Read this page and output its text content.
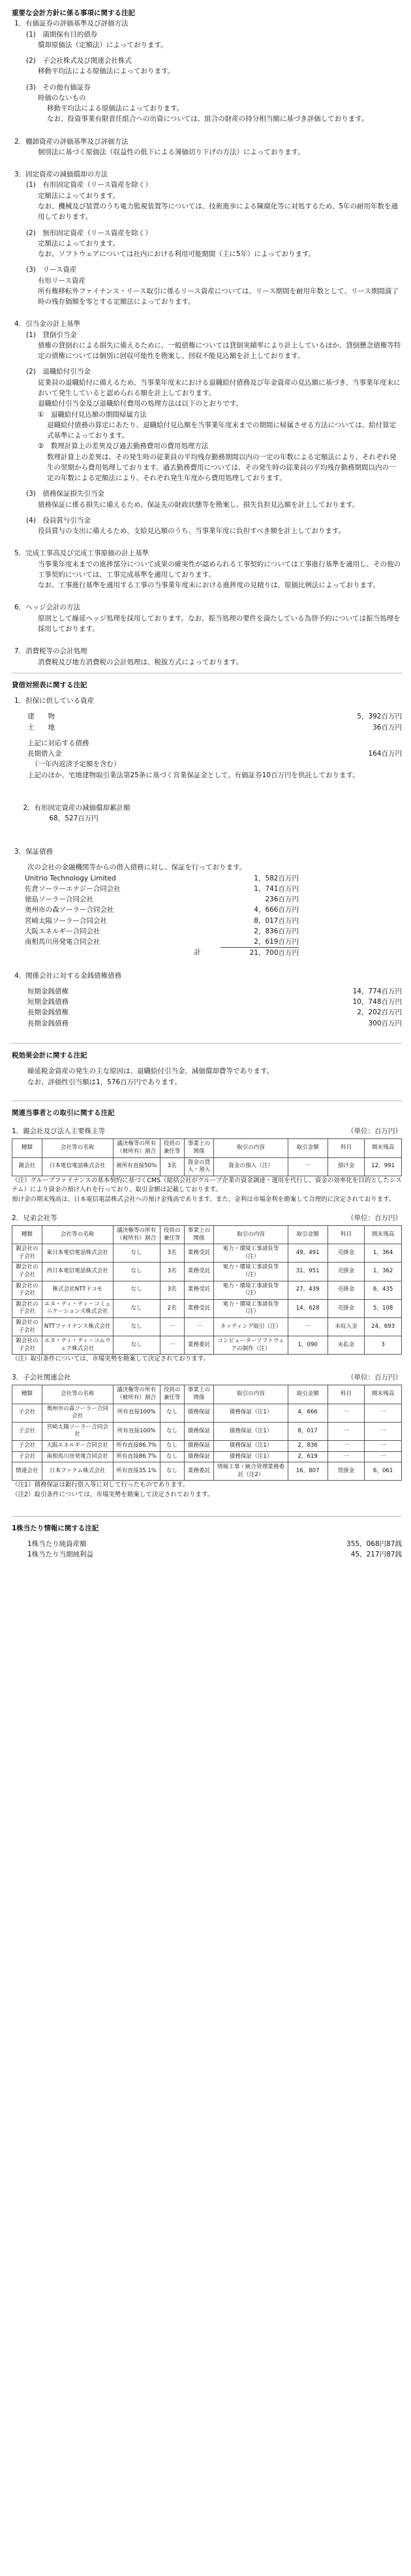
重要な会計方針に係る事項に関する注記

1．有価証券の評価基準及び評価方法

(1)　満期保有目的債券

償却原価法（定額法）によっております。

(2)　子会社株式及び関連会社株式

移動平均法による原価法によっております。

(3)　その他有価証券

時価のないもの

移動平均法による原価法によっております。

なお、投資事業有限責任組合への出資については、組合の財産の持分相当額に基づき評価しております。

2．棚卸資産の評価基準及び評価方法

個別法に基づく原価法（収益性の低下による簿価切り下げの方法）によっております。

3．固定資産の減価償却の方法

(1)　有形固定資産（リース資産を除く）

定額法によっております。

なお、機械及び装置のうち電力監視装置等については、技術進歩による陳腐化等に対処するため、5年の耐用年数を適用しております。

(2)　無形固定資産（リース資産を除く）

定額法によっております。

なお、ソフトウェアについては社内における利用可能期間（主に5年）によっております。

(3)　リース資産

有形リース資産

所有権移転外ファイナンス・リース取引に係るリース資産については、リース期間を耐用年数として、リース期間満了時の残存価額を零とする定額法によっております。

4．引当金の計上基準

(1)　貸倒引当金

債権の貸倒れによる損失に備えるために、一般債権については貸倒実績率により計上しているほか、貸倒懸念債権等特定の債権については個別に回収可能性を勘案し、回収不能見込額を計上しております。

(2)　退職給付引当金

従業員の退職給付に備えるため、当事業年度末における退職給付債務及び年金資産の見込額に基づき、当事業年度末において発生していると認められる額を計上しております。

退職給付引当金及び退職給付費用の処理方法は以下のとおりです。

①　退職給付見込額の期間帰属方法

退職給付債務の算定にあたり、退職給付見込額を当事業年度末までの期間に帰属させる方法については、給付算定式基準によっております。

②　数理計算上の差異及び過去勤務費用の費用処理方法

数理計算上の差異は、その発生時の従業員の平均残存勤務期間以内の一定の年数による定額法により、それぞれ発生の翌期から費用処理しております。過去勤務費用については、その発生時の従業員の平均残存勤務期間以内の一定の年数による定額法により、それぞれ発生年度から費用処理しております。

(3)　債務保証損失引当金

債務保証に係る損失に備えるため、保証先の財政状態等を勘案し、損失負担見込額を計上しております。

(4)　役員賞与引当金

役員賞与の支出に備えるため、支給見込額のうち、当事業年度に負担すべき額を計上しております。

5．完成工事高及び完成工事原価の計上基準

当事業年度末までの進捗部分について成果の確実性が認められる工事契約については工事進行基準を適用し、その他の工事契約については、工事完成基準を適用しております。

なお、工事進行基準を適用する工事の当事業年度末における進捗度の見積りは、原価比例法によっております。

6．ヘッジ会計の方法

原則として繰延ヘッジ処理を採用しております。なお、振当処理の要件を満たしている為替予約については振当処理を採用しております。

7．消費税等の会計処理

消費税及び地方消費税の会計処理は、税抜方式によっております。

貸借対照表に関する注記

1．担保に供している資産

建　　物	5，392百万円
土　　地	36百万円

上記に対応する債務

長期借入金	164百万円

（一年内返済予定額を含む）

上記のほか、宅地建物取引業法第25条に基づく営業保証金として、有価証券10百万円を供託しております。

2．有形固定資産の減価償却累計額
68，527百万円

3．保証債務

次の会社の金融機関等からの借入債務に対し、保証を行っております。

Unitrio Technology Limited	1，582百万円
佐倉ソーラーエナジー合同会社	1，741百万円
徳島ソーラー合同会社	236百万円
奥州市の森ソーラー合同会社	4，666百万円
宮崎太陽ソーラー合同会社	8，017百万円
大阪エネルギー合同会社	2，836百万円
南相馬川房発電合同会社	2，619百万円
計	21，700百万円

4．関係会社に対する金銭債権債務

短期金銭債権	14，774百万円
短期金銭債務	10，748百万円
長期金銭債権	2，202百万円
長期金銭債務	300百万円

税効果会計に関する注記

繰延税金資産の発生の主な原因は、退職給付引当金、減価償却費等であります。

なお、評価性引当額は1，576百万円であります。

関連当事者との取引に関する注記

1．親会社及び法人主要株主等	（単位：百万円）
種類	会社等の名称	議決権等の所有（被所有）割合	役員の兼任等	事業上の関係	取引の内容	取引金額	科目	期末残高
親会社	日本電信電話株式会社	被所有直接50%	3名	資金の貸入・預入	資金の預入（注）	一	預け金	12，991

（注）グループファイナンスの基本契約に基づくCMS（総括会社がグループ企業の資金調達・運用を代行し、資金の効率化を目的としたシステム）により資金の預け入れを行っており、取引金額は記載しております。

預け金の期末残高は、日本電信電話株式会社への預け金残高であります。また、金利は市場金利を勘案して合理的に決定されております。

2．兄弟会社等	（単位：百万円）
種類	会社等の名称	議決権等の所有（被所有）割合	役員の兼任等	事業上の関係	取引の内容	取引金額	科目	期末残高
親会社の子会社	東日本電信電話株式会社	なし	3名	業務受託	電力・環境工事請負等（注）	49，491	売掛金	1，364
親会社の子会社	西日本電信電話株式会社	なし	3名	業務受託	電力・環境工事請負等（注）	31，951	売掛金	1，362
親会社の子会社	株式会社NTTドコモ	なし	3名	業務受託	電力・環境工事請負等（注）	27，439	売掛金	6，435
親会社の子会社	エヌ・ティ・ティ・コミュニケーションズ株式会社	なし	2名	業務受託	電力・環境工事請負等（注）	14，628	売掛金	5，108
親会社の子会社	NTTファイナンス株式会社	なし	一	一	ネッティング取引（注）	一	未収入金	24，693
親会社の子会社	エヌ・ティ・ティ・コムウェア株式会社	なし	一	業務委託	コンピューターソフトウェアの制作（注）	1，090	未払金	3

（注）取引条件については、市場実勢を勘案して決定されております。

3．子会社関連会社	（単位：百万円）
種類	会社等の名称	議決権等の所有（被所有）割合	役員の兼任等	事業上の関係	取引の内容	取引金額	科目	期末残高
子会社	奥州市の森ソーラー合同会社	所有直接100%	なし	債務保証	債務保証（注1）	4，666	一	一
子会社	宮崎太陽ソーラー合同会社	所有直接100%	なし	債務保証	債務保証（注1）	8，017	一	一
子会社	大阪エネルギー合同会社	所有直接86.7%	なし	債務保証	債務保証（注1）	2，836	一	一
子会社	南相馬川房発電合同会社	所有直接86.7%	なし	債務保証	債務保証（注1）	2，619	一	一
関連会社	日本ファクム株式会社	所有直接35.1%	なし	業務委託	情報工事・統合管理業務委託（注2）	16，807	買掛金	6，061

（注1）債務保証は銀行借入等に対して行ったものであります。

（注2）取引条件については、市場実勢を勘案して決定されております。

1株当たり情報に関する注記

1株当たり純資産額	355，068円87銭
1株当たり当期純利益	45，217円87銭
